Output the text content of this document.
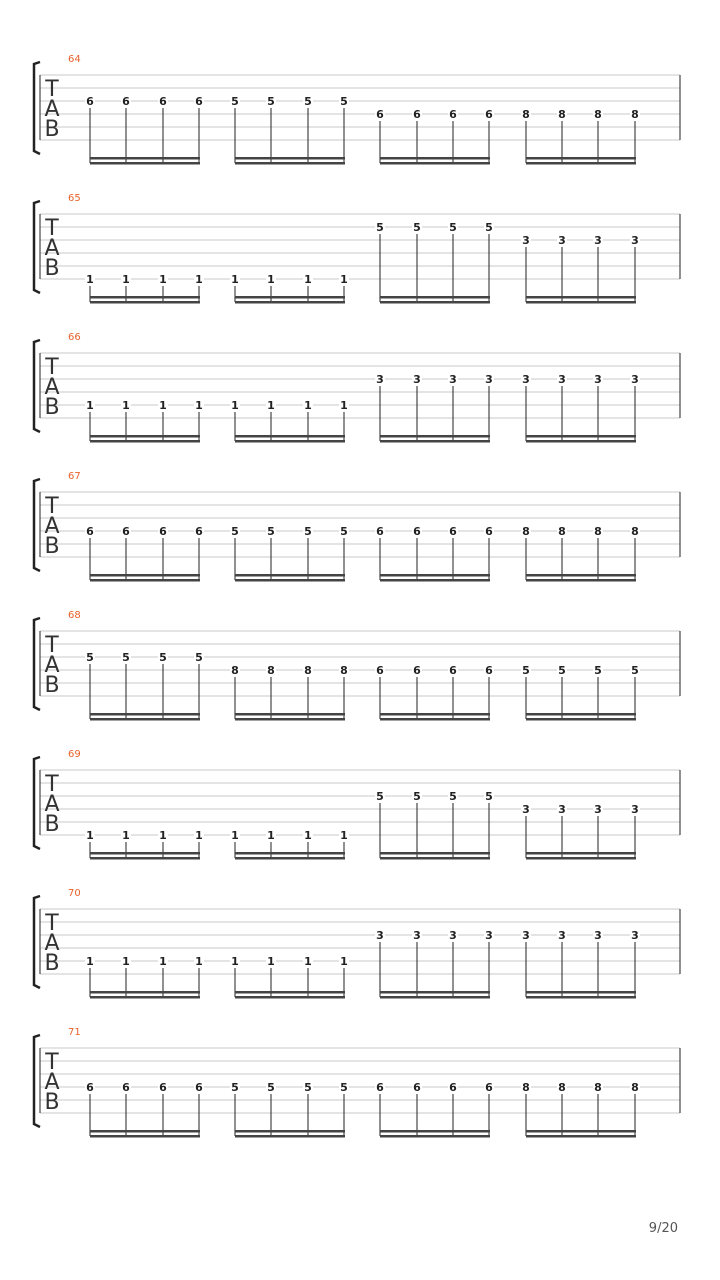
T
A
B
64
6	6	6	6	5	5	5	5
6	6	6	6	8	8	8	8
T
A
B
65
1	1	1	1	1	1	1	1
5	5	5	5
3	3	3	3
T
A
B
66
1	1	1	1	1	1	1	1
3	3	3	3	3	3	3	3
T
A
B
67
6	6	6	6	5	5	5	5	6	6	6	6	8	8	8	8
T
A
B
68
5	5	5	5
8	8	8	8	6	6	6	6	5	5	5	5
T
A
B
69
1	1	1	1	1	1	1	1
5	5	5	5
3	3	3	3
T
A
B
70
1	1	1	1	1	1	1	1
3	3	3	3	3	3	3	3
T
A
B
71
6	6	6	6	5	5	5	5	6	6	6	6	8	8	8	8
9/20
